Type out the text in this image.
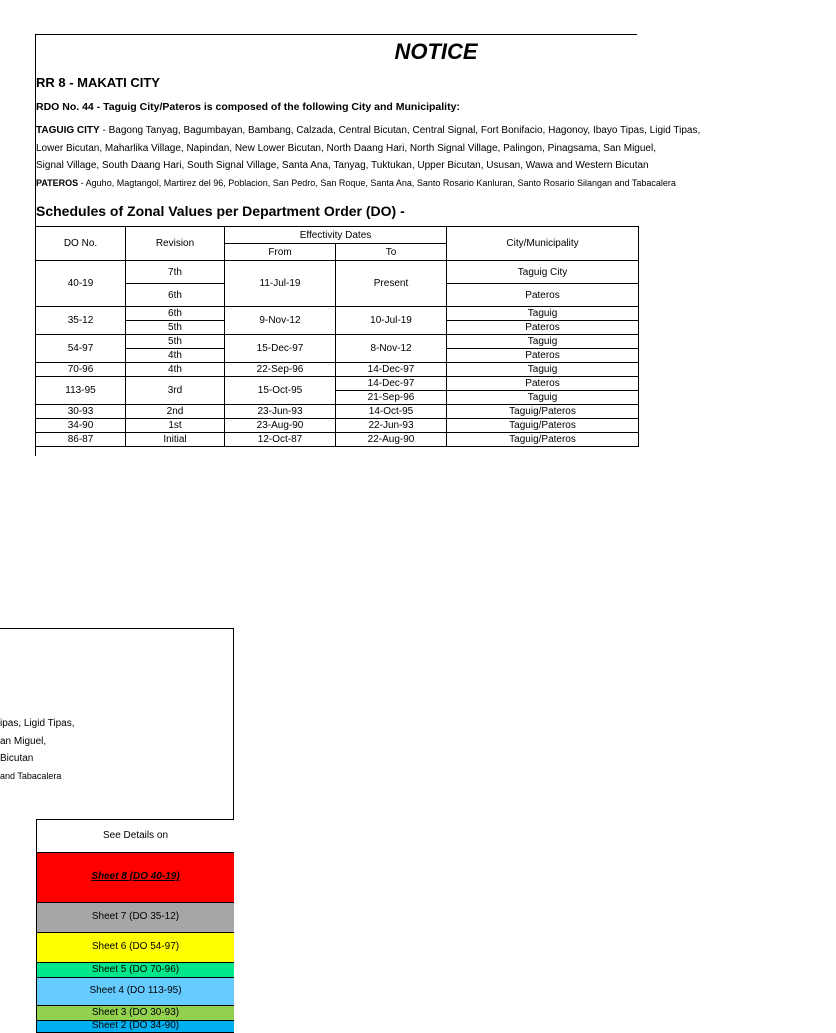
NOTICE
RR 8 - MAKATI CITY
RDO No. 44 - Taguig City/Pateros is composed of the following City and Municipality:
TAGUIG CITY - Bagong Tanyag, Bagumbayan, Bambang, Calzada, Central Bicutan, Central Signal, Fort Bonifacio, Hagonoy, Ibayo Tipas, Ligid Tipas,
Lower Bicutan, Maharlika Village, Napindan, New Lower Bicutan, North Daang Hari, North Signal Village, Palingon, Pinagsama, San Miguel,
Signal Village, South Daang Hari, South Signal Village, Santa Ana, Tanyag, Tuktukan, Upper Bicutan, Ususan, Wawa and Western Bicutan
PATEROS - Aguho, Magtangol, Martirez del 96, Poblacion, San Pedro, San Roque, Santa Ana, Santo Rosario Kanluran, Santo Rosario Silangan and Tabacalera
Schedules of Zonal Values per Department Order (DO) -
DO No.	Revision	Effectivity Dates		City/Municipality
		From	To	
40-19	7th	11-Jul-19	Present	Taguig City
	6th			Pateros
35-12	6th	9-Nov-12	10-Jul-19	Taguig
	5th			Pateros
54-97	5th	15-Dec-97	8-Nov-12	Taguig
	4th			Pateros
70-96	4th	22-Sep-96	14-Dec-97	Taguig
113-95	3rd	15-Oct-95	14-Dec-97	Pateros
			21-Sep-96	Taguig
30-93	2nd	23-Jun-93	14-Oct-95	Taguig/Pateros
34-90	1st	23-Aug-90	22-Jun-93	Taguig/Pateros
86-87	Initial	12-Oct-87	22-Aug-90	Taguig/Pateros
ipas, Ligid Tipas,
an Miguel,
Bicutan
and Tabacalera
See Details on
Sheet 8 (DO 40-19)
Sheet 7 (DO 35-12)
Sheet 6 (DO 54-97)
Sheet 5 (DO 70-96)
Sheet 4 (DO 113-95)
Sheet 3 (DO 30-93)
Sheet 2 (DO 34-90)
